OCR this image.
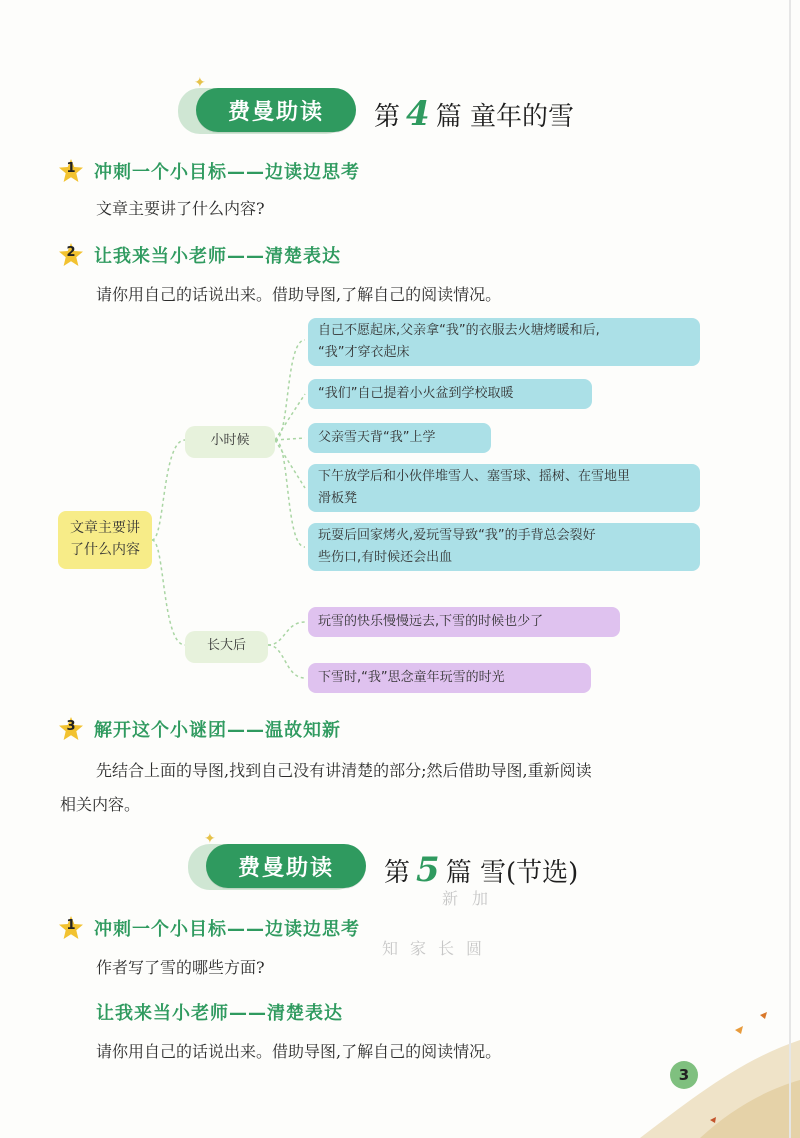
费曼助读
✦
第 4 篇 童年的雪
1	冲刺一个小目标——边读边思考
文章主要讲了什么内容?
2	让我来当小老师——清楚表达
请你用自己的话说出来。借助导图,了解自己的阅读情况。
文章主要讲
了什么内容
小时候
长大后
自己不愿起床,父亲拿“我”的衣服去火塘烤暖和后,
“我”才穿衣起床
“我们”自己提着小火盆到学校取暖
父亲雪天背“我”上学
下午放学后和小伙伴堆雪人、塞雪球、摇树、在雪地里
滑板凳
玩耍后回家烤火,爱玩雪导致“我”的手背总会裂好
些伤口,有时候还会出血
玩雪的快乐慢慢远去,下雪的时候也少了
下雪时,“我”思念童年玩雪的时光
3	解开这个小谜团——温故知新
先结合上面的导图,找到自己没有讲清楚的部分;然后借助导图,重新阅读
相关内容。
费曼助读
✦
第 5 篇 雪(节选)
新加
知家长圆
1	冲刺一个小目标——边读边思考
作者写了雪的哪些方面?
让我来当小老师——清楚表达
请你用自己的话说出来。借助导图,了解自己的阅读情况。
3
